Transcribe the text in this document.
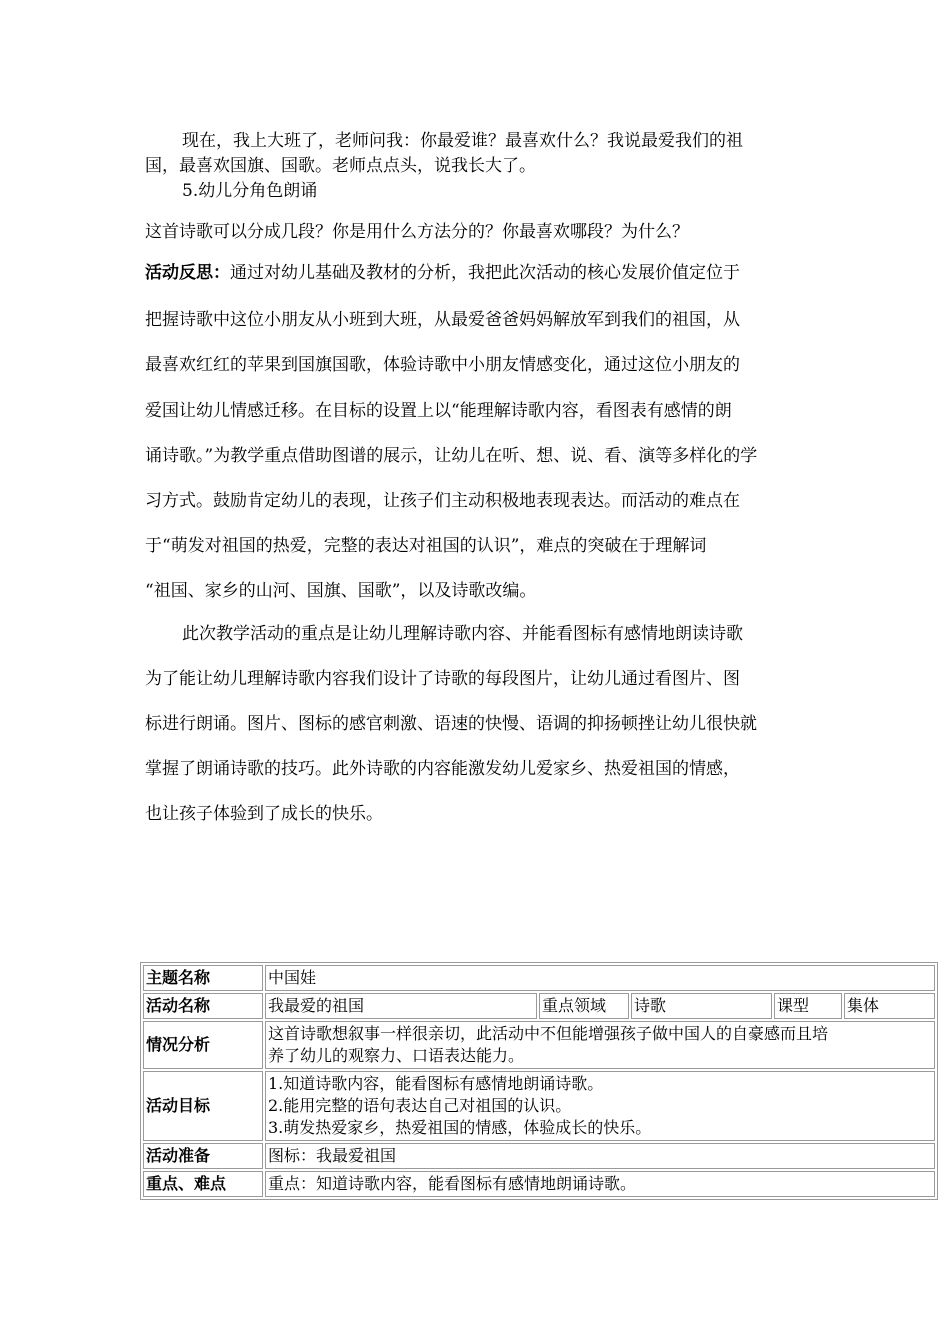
现在，我上大班了，老师问我：你最爱谁？最喜欢什么？我说最爱我们的祖
国，最喜欢国旗、国歌。老师点点头，说我长大了。
5.幼儿分角色朗诵
这首诗歌可以分成几段？你是用什么方法分的？你最喜欢哪段？为什么？
活动反思：通过对幼儿基础及教材的分析，我把此次活动的核心发展价值定位于
把握诗歌中这位小朋友从小班到大班，从最爱爸爸妈妈解放军到我们的祖国，从
最喜欢红红的苹果到国旗国歌，体验诗歌中小朋友情感变化，通过这位小朋友的
爱国让幼儿情感迁移。在目标的设置上以“能理解诗歌内容，看图表有感情的朗
诵诗歌。”为教学重点借助图谱的展示，让幼儿在听、想、说、看、演等多样化的学
习方式。鼓励肯定幼儿的表现，让孩子们主动积极地表现表达。而活动的难点在
于“萌发对祖国的热爱，完整的表达对祖国的认识”，难点的突破在于理解词
“祖国、家乡的山河、国旗、国歌”，以及诗歌改编。
此次教学活动的重点是让幼儿理解诗歌内容、并能看图标有感情地朗读诗歌
为了能让幼儿理解诗歌内容我们设计了诗歌的每段图片，让幼儿通过看图片、图
标进行朗诵。图片、图标的感官刺激、语速的快慢、语调的抑扬顿挫让幼儿很快就
掌握了朗诵诗歌的技巧。此外诗歌的内容能激发幼儿爱家乡、热爱祖国的情感，
也让孩子体验到了成长的快乐。
主题名称	中国娃				
活动名称	我最爱的祖国	重点领域	诗歌	课型	集体
情况分析	这首诗歌想叙事一样很亲切，此活动中不但能增强孩子做中国人的自豪感而且培
养了幼儿的观察力、口语表达能力。				

活动目标	1.知道诗歌内容，能看图标有感情地朗诵诗歌。
2.能用完整的语句表达自己对祖国的认识。
3.萌发热爱家乡，热爱祖国的情感，体验成长的快乐。				

活动准备	图标：我最爱祖国				
重点、难点	重点：知道诗歌内容，能看图标有感情地朗诵诗歌。				
